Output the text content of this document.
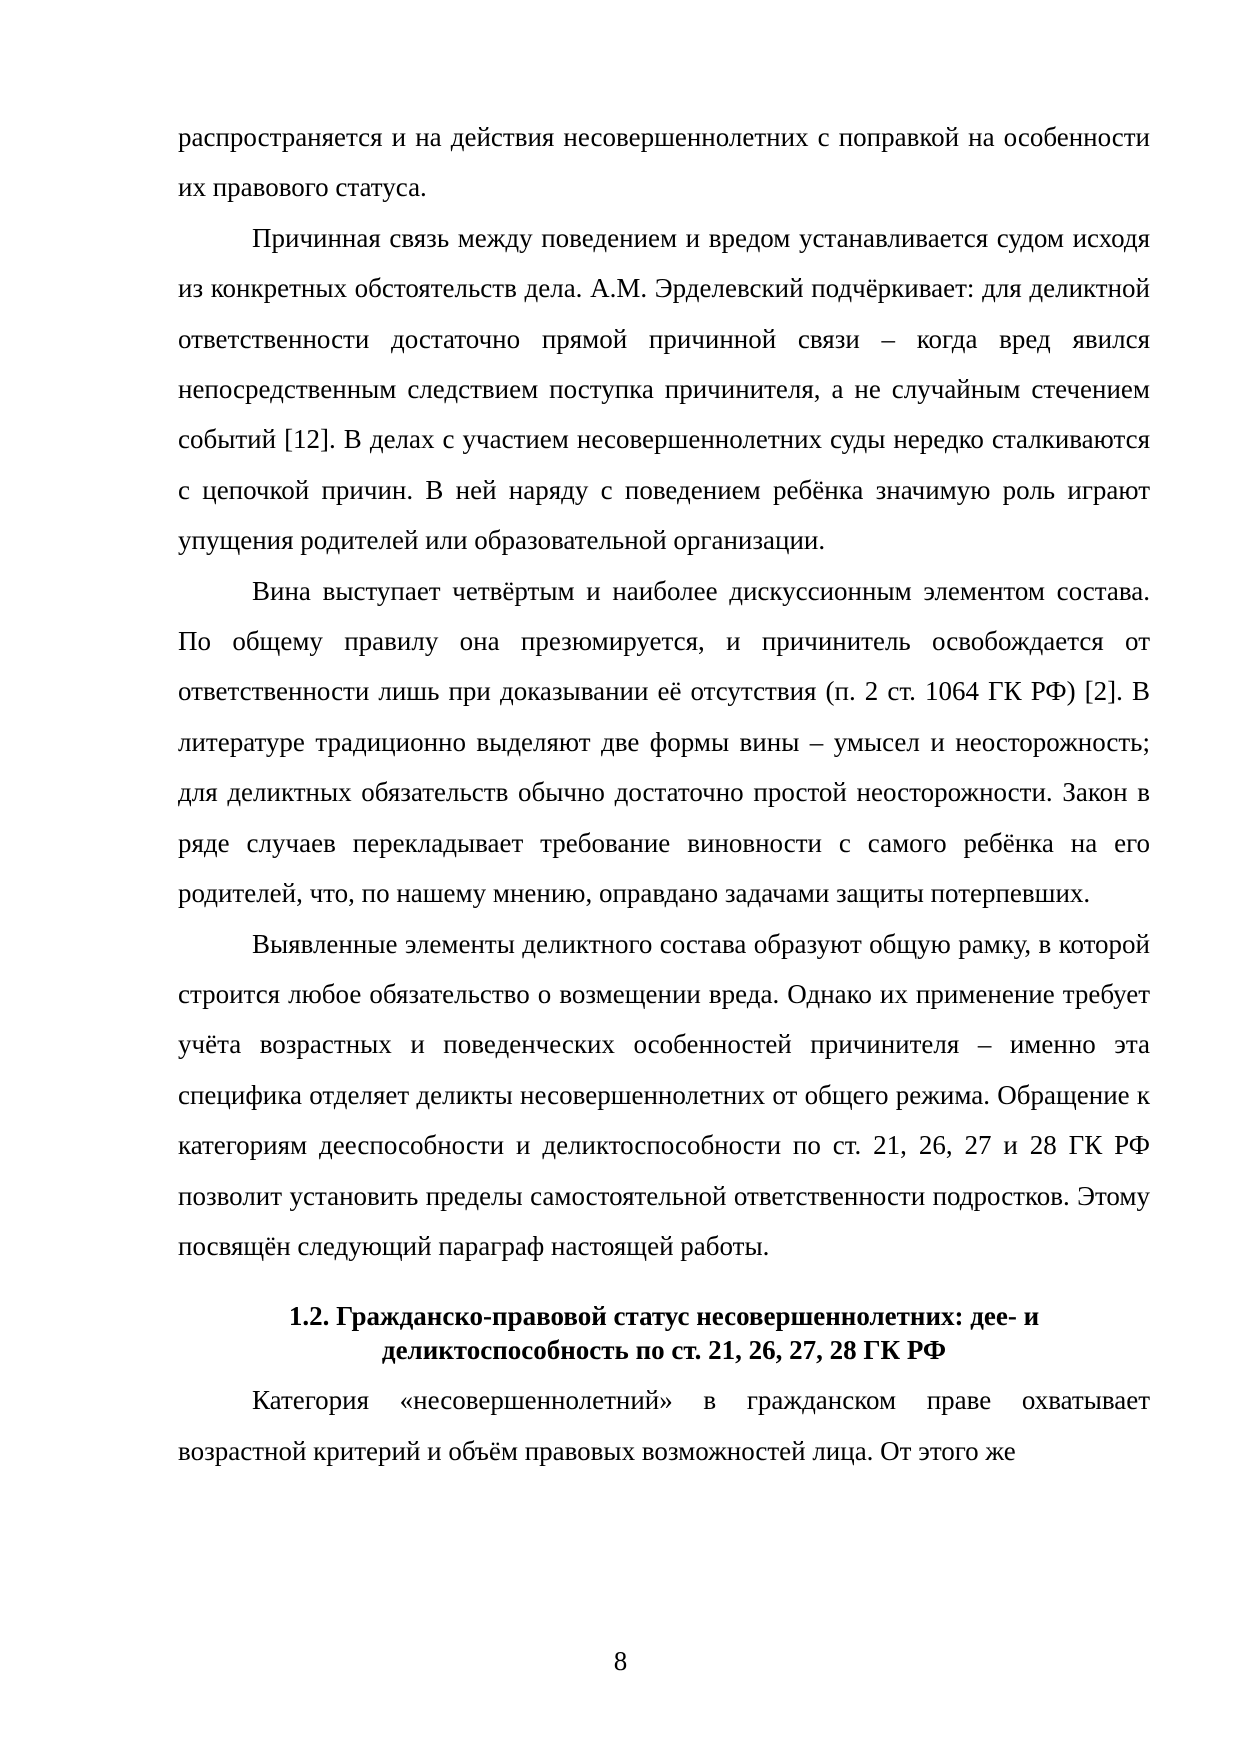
распространяется и на действия несовершеннолетних с поправкой на особенности их правового статуса.

Причинная связь между поведением и вредом устанавливается судом исходя из конкретных обстоятельств дела. А.М. Эрделевский подчёркивает: для деликтной ответственности достаточно прямой причинной связи – когда вред явился непосредственным следствием поступка причинителя, а не случайным стечением событий [12]. В делах с участием несовершеннолетних суды нередко сталкиваются с цепочкой причин. В ней наряду с поведением ребёнка значимую роль играют упущения родителей или образовательной организации.

Вина выступает четвёртым и наиболее дискуссионным элементом состава. По общему правилу она презюмируется, и причинитель освобождается от ответственности лишь при доказывании её отсутствия (п. 2 ст. 1064 ГК РФ) [2]. В литературе традиционно выделяют две формы вины – умысел и неосторожность; для деликтных обязательств обычно достаточно простой неосторожности. Закон в ряде случаев перекладывает требование виновности с самого ребёнка на его родителей, что, по нашему мнению, оправдано задачами защиты потерпевших.

Выявленные элементы деликтного состава образуют общую рамку, в которой строится любое обязательство о возмещении вреда. Однако их применение требует учёта возрастных и поведенческих особенностей причинителя – именно эта специфика отделяет деликты несовершеннолетних от общего режима. Обращение к категориям дееспособности и деликтоспособности по ст. 21, 26, 27 и 28 ГК РФ позволит установить пределы самостоятельной ответственности подростков. Этому посвящён следующий параграф настоящей работы.

1.2. Гражданско-правовой статус несовершеннолетних: дее- и
деликтоспособность по ст. 21, 26, 27, 28 ГК РФ

Категория «несовершеннолетний» в гражданском праве охватывает возрастной критерий и объём правовых возможностей лица. От этого же

8
